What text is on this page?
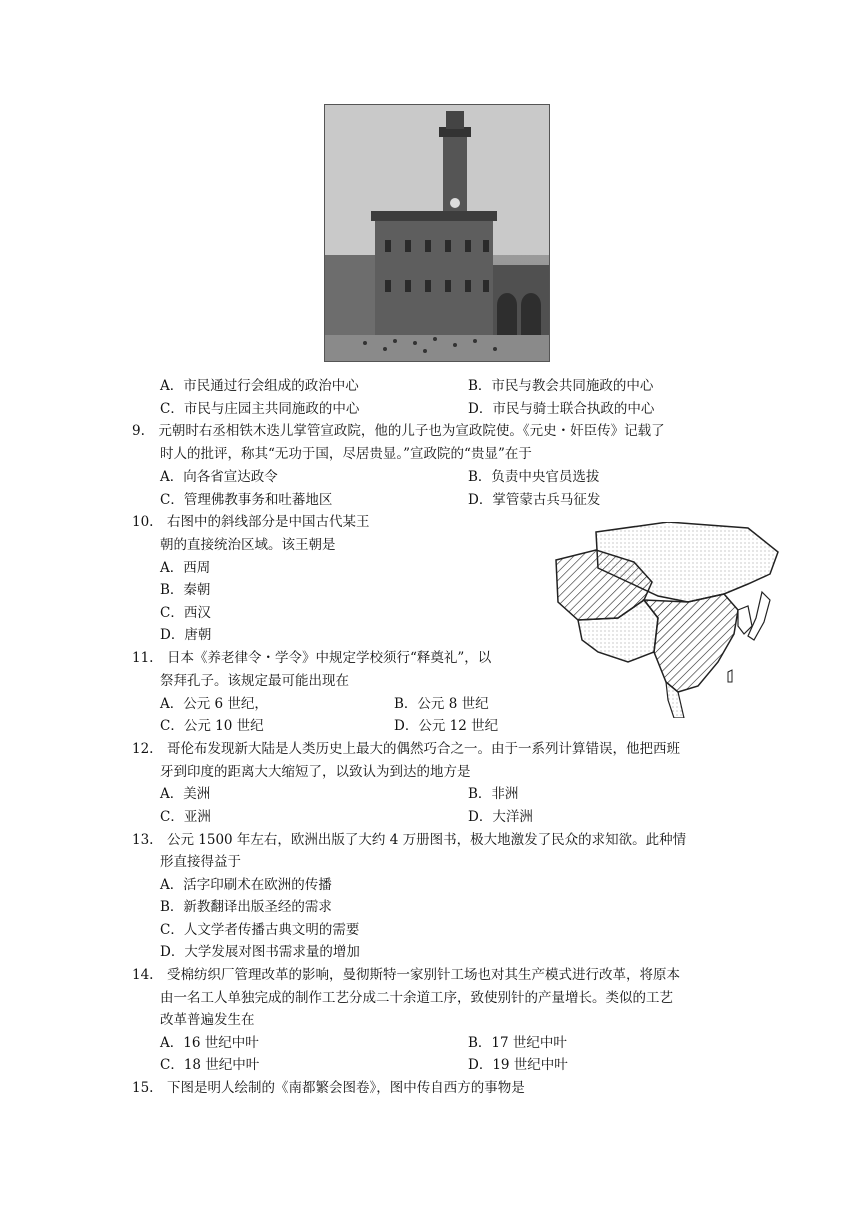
A．市民通过行会组成的政治中心	B．市民与教会共同施政的中心
C．市民与庄园主共同施政的中心	D．市民与骑士联合执政的中心
9.　元朝时右丞相铁木迭儿掌管宣政院，他的儿子也为宣政院使。《元史・奸臣传》记载了
时人的批评，称其“无功于国，尽居贵显。”宣政院的“贵显”在于
A．向各省宣达政令	B．负责中央官员选拔
C．管理佛教事务和吐蕃地区	D．掌管蒙古兵马征发
10.　右图中的斜线部分是中国古代某王
朝的直接统治区域。该王朝是
A．西周
B．秦朝
C．西汉
D．唐朝
11.　日本《养老律令・学令》中规定学校须行“释奠礼”，以
祭拜孔子。该规定最可能出现在
A．公元 6 世纪，	B．公元 8 世纪
C．公元 10 世纪	D．公元 12 世纪
12.　哥伦布发现新大陆是人类历史上最大的偶然巧合之一。由于一系列计算错误，他把西班
牙到印度的距离大大缩短了，以致认为到达的地方是
A．美洲	B．非洲
C．亚洲	D．大洋洲
13.　公元 1500 年左右，欧洲出版了大约 4 万册图书，极大地激发了民众的求知欲。此种情
形直接得益于
A．活字印刷术在欧洲的传播
B．新教翻译出版圣经的需求
C．人文学者传播古典文明的需要
D．大学发展对图书需求量的增加
14.　受棉纺织厂管理改革的影响，曼彻斯特一家别针工场也对其生产模式进行改革，将原本
由一名工人单独完成的制作工艺分成二十余道工序，致使别针的产量增长。类似的工艺
改革普遍发生在
A．16 世纪中叶	B．17 世纪中叶
C．18 世纪中叶	D．19 世纪中叶
15.　下图是明人绘制的《南都繁会图卷》，图中传自西方的事物是
